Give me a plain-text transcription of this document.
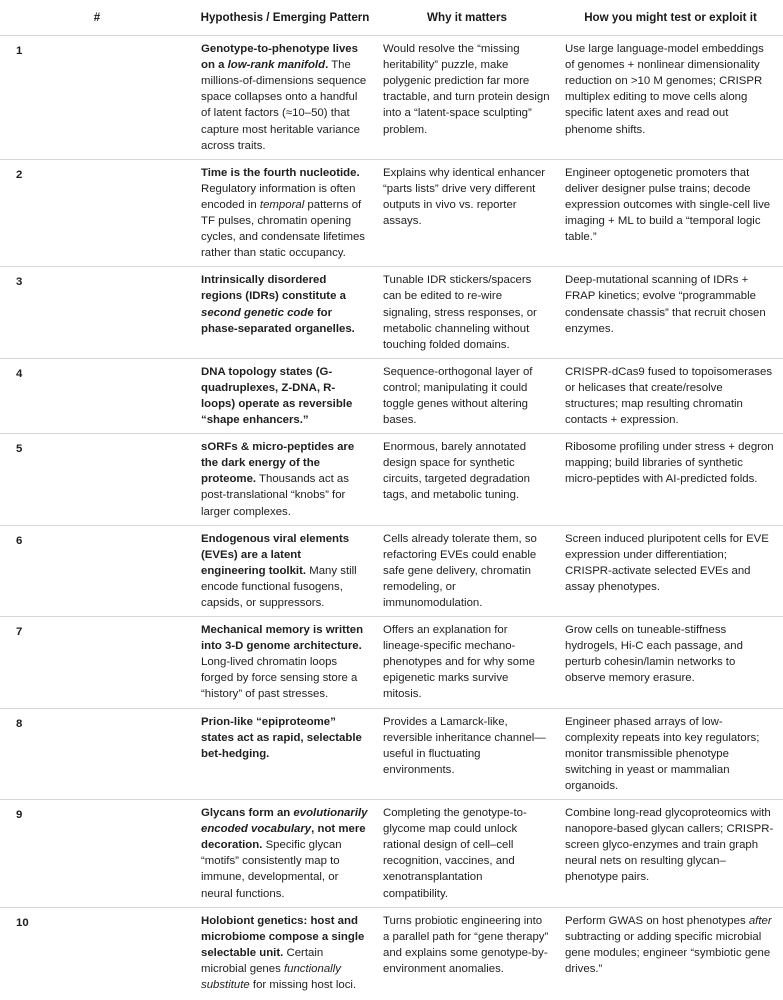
#	Hypothesis / Emerging Pattern	Why it matters	How you might test or exploit it
1	Genotype-to-phenotype lives on a low-rank manifold. The millions-of-dimensions sequence space collapses onto a handful of latent factors (≈10–50) that capture most heritable variance across traits.	Would resolve the “missing heritability” puzzle, make polygenic prediction far more tractable, and turn protein design into a “latent-space sculpting” problem.	Use large language-model embeddings of genomes + nonlinear dimensionality reduction on >10 M genomes; CRISPR multiplex editing to move cells along specific latent axes and read out phenome shifts.
2	Time is the fourth nucleotide. Regulatory information is often encoded in temporal patterns of TF pulses, chromatin opening cycles, and condensate lifetimes rather than static occupancy.	Explains why identical enhancer “parts lists” drive very different outputs in vivo vs. reporter assays.	Engineer optogenetic promoters that deliver designer pulse trains; decode expression outcomes with single-cell live imaging + ML to build a “temporal logic table.”
3	Intrinsically disordered regions (IDRs) constitute a second genetic code for phase-separated organelles.	Tunable IDR stickers/spacers can be edited to re-wire signaling, stress responses, or metabolic channeling without touching folded domains.	Deep-mutational scanning of IDRs + FRAP kinetics; evolve “programmable condensate chassis” that recruit chosen enzymes.
4	DNA topology states (G-quadruplexes, Z-DNA, R-loops) operate as reversible “shape enhancers.”	Sequence-orthogonal layer of control; manipulating it could toggle genes without altering bases.	CRISPR-dCas9 fused to topoisomerases or helicases that create/resolve structures; map resulting chromatin contacts + expression.
5	sORFs & micro-peptides are the dark energy of the proteome. Thousands act as post-translational “knobs” for larger complexes.	Enormous, barely annotated design space for synthetic circuits, targeted degradation tags, and metabolic tuning.	Ribosome profiling under stress + degron mapping; build libraries of synthetic micro-peptides with AI-predicted folds.
6	Endogenous viral elements (EVEs) are a latent engineering toolkit. Many still encode functional fusogens, capsids, or suppressors.	Cells already tolerate them, so refactoring EVEs could enable safe gene delivery, chromatin remodeling, or immunomodulation.	Screen induced pluripotent cells for EVE expression under differentiation; CRISPR-activate selected EVEs and assay phenotypes.
7	Mechanical memory is written into 3-D genome architecture. Long-lived chromatin loops forged by force sensing store a “history” of past stresses.	Offers an explanation for lineage-specific mechano-phenotypes and for why some epigenetic marks survive mitosis.	Grow cells on tuneable-stiffness hydrogels, Hi-C each passage, and perturb cohesin/lamin networks to observe memory erasure.
8	Prion-like “epiproteome” states act as rapid, selectable bet-hedging.	Provides a Lamarck-like, reversible inheritance channel—useful in fluctuating environments.	Engineer phased arrays of low-complexity repeats into key regulators; monitor transmissible phenotype switching in yeast or mammalian organoids.
9	Glycans form an evolutionarily encoded vocabulary, not mere decoration. Specific glycan “motifs” consistently map to immune, developmental, or neural functions.	Completing the genotype-to-glycome map could unlock rational design of cell–cell recognition, vaccines, and xenotransplantation compatibility.	Combine long-read glycoproteomics with nanopore-based glycan callers; CRISPR-screen glyco-enzymes and train graph neural nets on resulting glycan–phenotype pairs.
10	Holobiont genetics: host and microbiome compose a single selectable unit. Certain microbial genes functionally substitute for missing host loci.	Turns probiotic engineering into a parallel path for “gene therapy” and explains some genotype-by-environment anomalies.	Perform GWAS on host phenotypes after subtracting or adding specific microbial gene modules; engineer “symbiotic gene drives.”
